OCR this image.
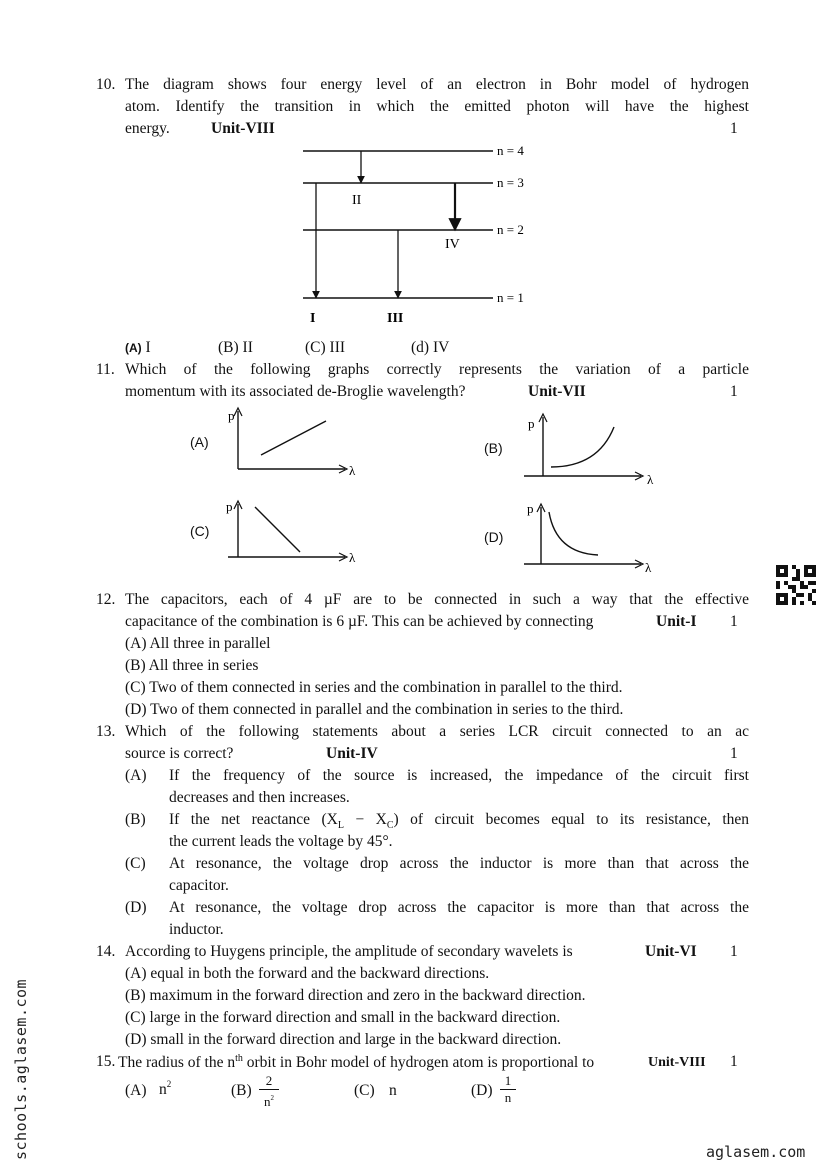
10. The diagram shows four energy level of an electron in Bohr model of hydrogen
atom. Identify the transition in which the emitted photon will have the highest
energy.	Unit-VIII	1
n = 4
n = 3
n = 2
n = 1
I
II
III
IV
(A) I	(B) II	(C) III	(d) IV
11. Which of the following graphs correctly represents the variation of a particle
momentum with its associated de-Broglie wavelength?	Unit-VII	1
(A)
p
λ
(B)
p
λ
(C)
p
λ
(D)
p
λ
12. The capacitors, each of 4 µF are to be connected in such a way that the effective
capacitance of the combination is 6 µF. This can be achieved by connecting	Unit-I 1
(A) All three in parallel
(B) All three in series
(C) Two of them connected in series and the combination in parallel to the third.
(D) Two of them connected in parallel and the combination in series to the third.
13. Which of the following statements about a series LCR circuit connected to an ac
source is correct?	Unit-IV	1
(A) If the frequency of the source is increased, the impedance of the circuit first
decreases and then increases.
(B) If the net reactance $(X_L - X_C)$ of circuit becomes equal to its resistance, then
the current leads the voltage by 45°.
(C) At resonance, the voltage drop across the inductor is more than that across the
capacitor.
(D) At resonance, the voltage drop across the capacitor is more than that across the
inductor.
14. According to Huygens principle, the amplitude of secondary wavelets is	Unit-VI 1
(A) equal in both the forward and the backward directions.
(B) maximum in the forward direction and zero in the backward direction.
(C) large in the forward direction and small in the backward direction.
(D) small in the forward direction and large in the backward direction.
15. The radius of the $n^{th}$ orbit in Bohr model of hydrogen atom is proportional to	Unit-VIII 1
(A) $n^2$	$(B) \frac{2}{n^2}$	(C) n	$(D) \frac{1}{n}$
schools.aglasem.com	aglasem.com
